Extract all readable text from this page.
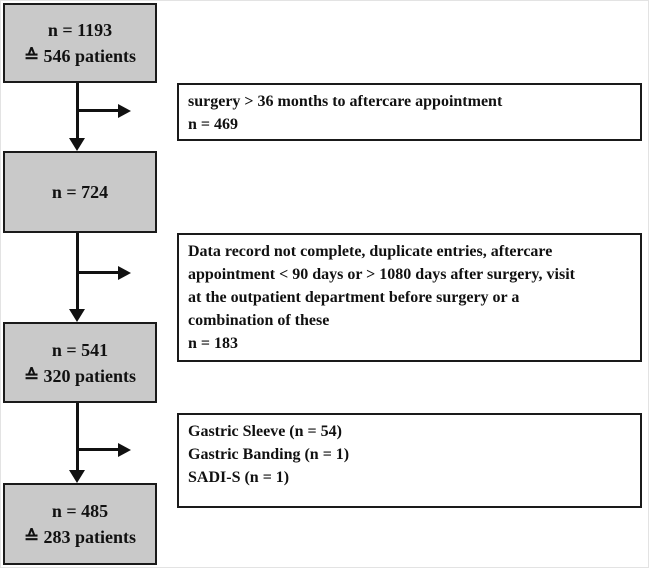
n = 1193
≙ 546 patients
n = 724
n = 541
≙ 320 patients
n = 485
≙ 283 patients
surgery > 36 months to aftercare appointment
n = 469
Data record not complete, duplicate entries, aftercare
appointment < 90 days or > 1080 days after surgery, visit
at the outpatient department before surgery or a
combination of these
n = 183
Gastric Sleeve (n = 54)
Gastric Banding (n = 1)
SADI-S (n = 1)
